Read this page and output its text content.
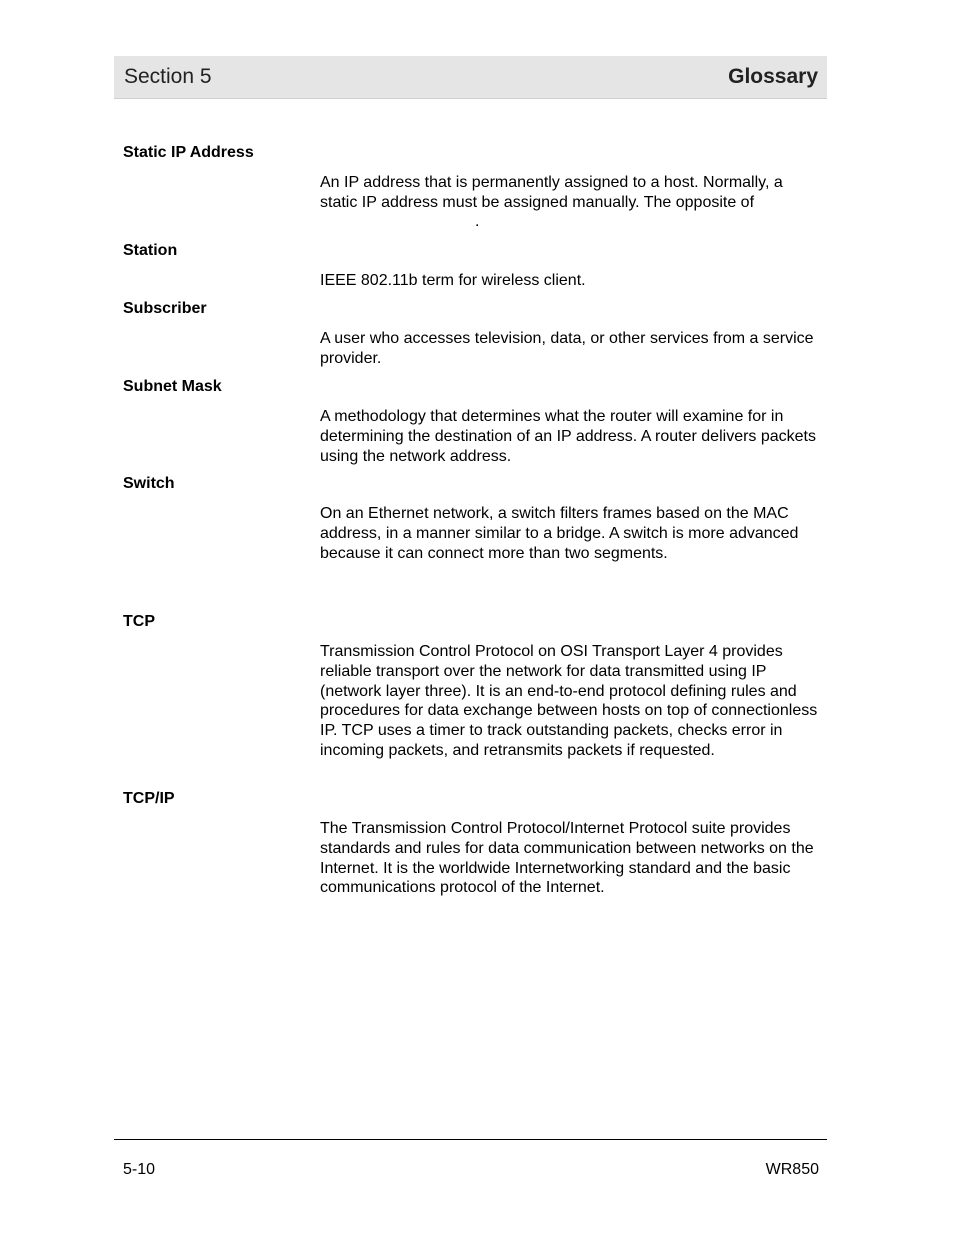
Section 5	Glossary
Static IP Address
An IP address that is permanently assigned to a host. Normally, a static IP address must be assigned manually. The opposite of
.
Station
IEEE 802.11b term for wireless client.
Subscriber
A user who accesses television, data, or other services from a service provider.
Subnet Mask
A methodology that determines what the router will examine for in determining the destination of an IP address. A router delivers packets using the network address.
Switch
On an Ethernet network, a switch filters frames based on the MAC address, in a manner similar to a bridge. A switch is more advanced because it can connect more than two segments.
TCP
Transmission Control Protocol on OSI Transport Layer 4 provides reliable transport over the network for data transmitted using IP (network layer three). It is an end-to-end protocol defining rules and procedures for data exchange between hosts on top of connectionless IP. TCP uses a timer to track outstanding packets, checks error in incoming packets, and retransmits packets if requested.
TCP/IP
The Transmission Control Protocol/Internet Protocol suite provides standards and rules for data communication between networks on the Internet. It is the worldwide Internetworking standard and the basic communications protocol of the Internet.
5-10	WR850
